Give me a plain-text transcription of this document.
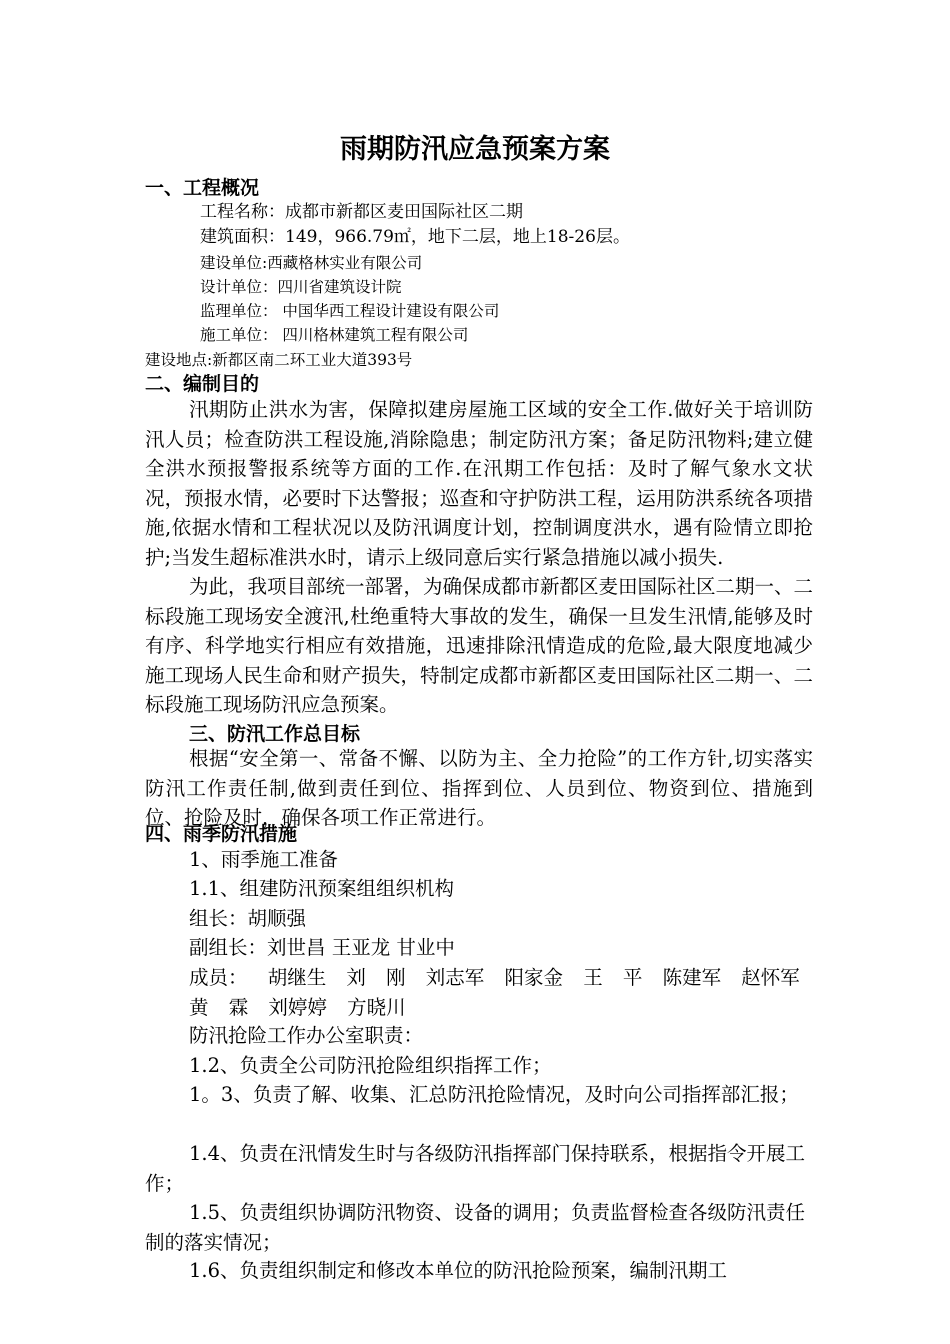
雨期防汛应急预案方案
一、工程概况
工程名称：成都市新都区麦田国际社区二期
建筑面积：149，966.79㎡，地下二层，地上18-26层。
建设单位:西藏格林实业有限公司
设计单位：四川省建筑设计院
监理单位： 中国华西工程设计建设有限公司
施工单位： 四川格林建筑工程有限公司
建设地点:新都区南二环工业大道393号
二、编制目的
汛期防止洪水为害，保障拟建房屋施工区域的安全工作.做好关于培训防汛人员；检查防洪工程设施,消除隐患；制定防汛方案；备足防汛物料;建立健全洪水预报警报系统等方面的工作.在汛期工作包括：及时了解气象水文状况，预报水情，必要时下达警报；巡查和守护防洪工程，运用防洪系统各项措施,依据水情和工程状况以及防汛调度计划，控制调度洪水，遇有险情立即抢护;当发生超标准洪水时，请示上级同意后实行紧急措施以减小损失.
为此，我项目部统一部署，为确保成都市新都区麦田国际社区二期一、二标段施工现场安全渡汛,杜绝重特大事故的发生，确保一旦发生汛情,能够及时有序、科学地实行相应有效措施，迅速排除汛情造成的危险,最大限度地减少施工现场人民生命和财产损失，特制定成都市新都区麦田国际社区二期一、二标段施工现场防汛应急预案。
三、防汛工作总目标
根据“安全第一、常备不懈、以防为主、全力抢险”的工作方针,切实落实防汛工作责任制,做到责任到位、指挥到位、人员到位、物资到位、措施到位、抢险及时，确保各项工作正常进行。
四、雨季防汛措施
1、雨季施工准备
1.1、组建防汛预案组组织机构
组长：胡顺强
副组长：刘世昌 王亚龙 甘业中
成员： 胡继生 刘 刚 刘志军 阳家金 王 平 陈建军 赵怀军 黄 霖 刘婷婷 方晓川
防汛抢险工作办公室职责：
1.2、负责全公司防汛抢险组织指挥工作；
1。3、负责了解、收集、汇总防汛抢险情况，及时向公司指挥部汇报；
1.4、负责在汛情发生时与各级防汛指挥部门保持联系，根据指令开展工作；
1.5、负责组织协调防汛物资、设备的调用；负责监督检查各级防汛责任制的落实情况；
1.6、负责组织制定和修改本单位的防汛抢险预案，编制汛期工
